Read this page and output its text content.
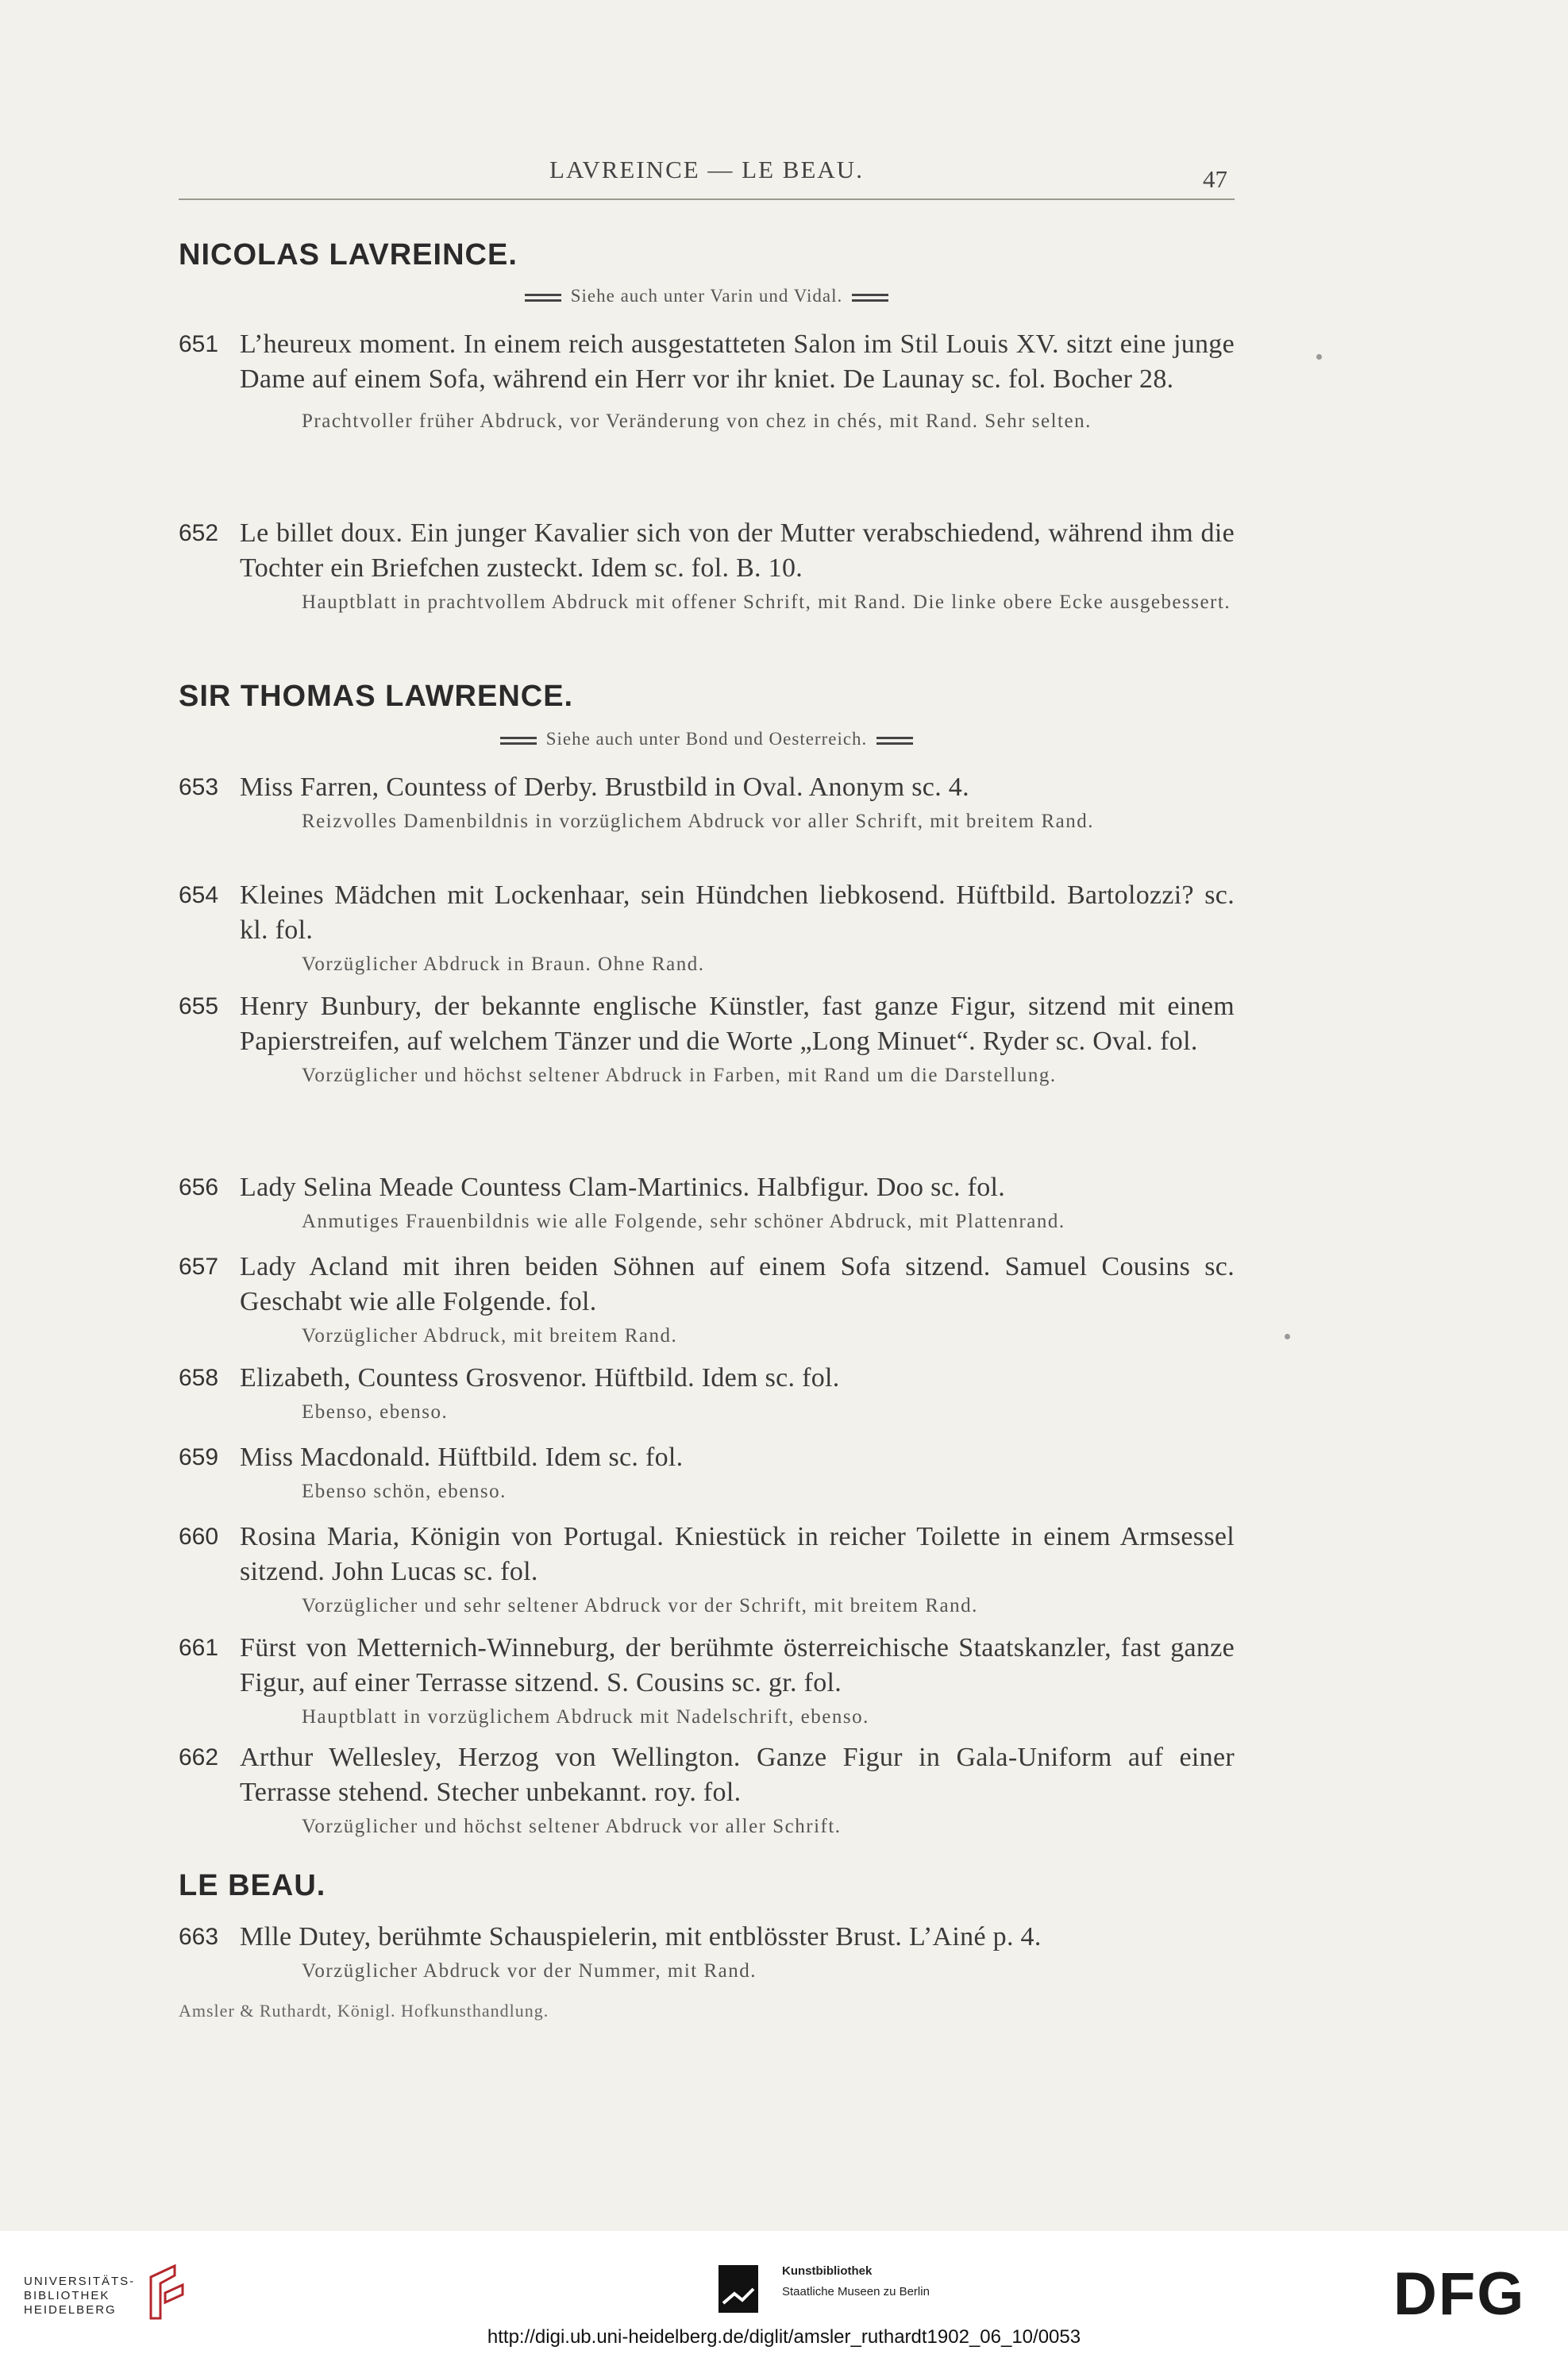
LAVREINCE — LE BEAU.	47
NICOLAS LAVREINCE.
Siehe auch unter Varin und Vidal.
651 L’heureux moment. In einem reich ausgestatteten Salon im Stil Louis XV. sitzt eine junge Dame auf einem Sofa, während ein Herr vor ihr kniet. De Launay sc. fol. Bocher 28.
Prachtvoller früher Abdruck, vor Veränderung von chez in chés, mit Rand. Sehr selten.
652 Le billet doux. Ein junger Kavalier sich von der Mutter verabschiedend, während ihm die Tochter ein Briefchen zusteckt. Idem sc. fol. B. 10.
Hauptblatt in prachtvollem Abdruck mit offener Schrift, mit Rand. Die linke obere Ecke ausgebessert.
SIR THOMAS LAWRENCE.
Siehe auch unter Bond und Oesterreich.
653 Miss Farren, Countess of Derby. Brustbild in Oval. Anonym sc. 4.
Reizvolles Damenbildnis in vorzüglichem Abdruck vor aller Schrift, mit breitem Rand.
654 Kleines Mädchen mit Lockenhaar, sein Hündchen liebkosend. Hüftbild. Bartolozzi? sc. kl. fol.
Vorzüglicher Abdruck in Braun. Ohne Rand.
655 Henry Bunbury, der bekannte englische Künstler, fast ganze Figur, sitzend mit einem Papierstreifen, auf welchem Tänzer und die Worte „Long Minuet“. Ryder sc. Oval. fol.
Vorzüglicher und höchst seltener Abdruck in Farben, mit Rand um die Darstellung.
656 Lady Selina Meade Countess Clam-Martinics. Halbfigur. Doo sc. fol.
Anmutiges Frauenbildnis wie alle Folgende, sehr schöner Abdruck, mit Plattenrand.
657 Lady Acland mit ihren beiden Söhnen auf einem Sofa sitzend. Samuel Cousins sc. Geschabt wie alle Folgende. fol.
Vorzüglicher Abdruck, mit breitem Rand.
658 Elizabeth, Countess Grosvenor. Hüftbild. Idem sc. fol.
Ebenso, ebenso.
659 Miss Macdonald. Hüftbild. Idem sc. fol.
Ebenso schön, ebenso.
660 Rosina Maria, Königin von Portugal. Kniestück in reicher Toilette in einem Armsessel sitzend. John Lucas sc. fol.
Vorzüglicher und sehr seltener Abdruck vor der Schrift, mit breitem Rand.
661 Fürst von Metternich-Winneburg, der berühmte österreichische Staatskanzler, fast ganze Figur, auf einer Terrasse sitzend. S. Cousins sc. gr. fol.
Hauptblatt in vorzüglichem Abdruck mit Nadelschrift, ebenso.
662 Arthur Wellesley, Herzog von Wellington. Ganze Figur in Gala-Uniform auf einer Terrasse stehend. Stecher unbekannt. roy. fol.
Vorzüglicher und höchst seltener Abdruck vor aller Schrift.
LE BEAU.
663 Mlle Dutey, berühmte Schauspielerin, mit entblösster Brust. L’Ainé p. 4.
Vorzüglicher Abdruck vor der Nummer, mit Rand.
Amsler & Ruthardt, Königl. Hofkunsthandlung.
UNIVERSITÄTS-
BIBLIOTHEK
HEIDELBERG
Kunstbibliothek
Staatliche Museen zu Berlin	DFG
http://digi.ub.uni-heidelberg.de/diglit/amsler_ruthardt1902_06_10/0053
